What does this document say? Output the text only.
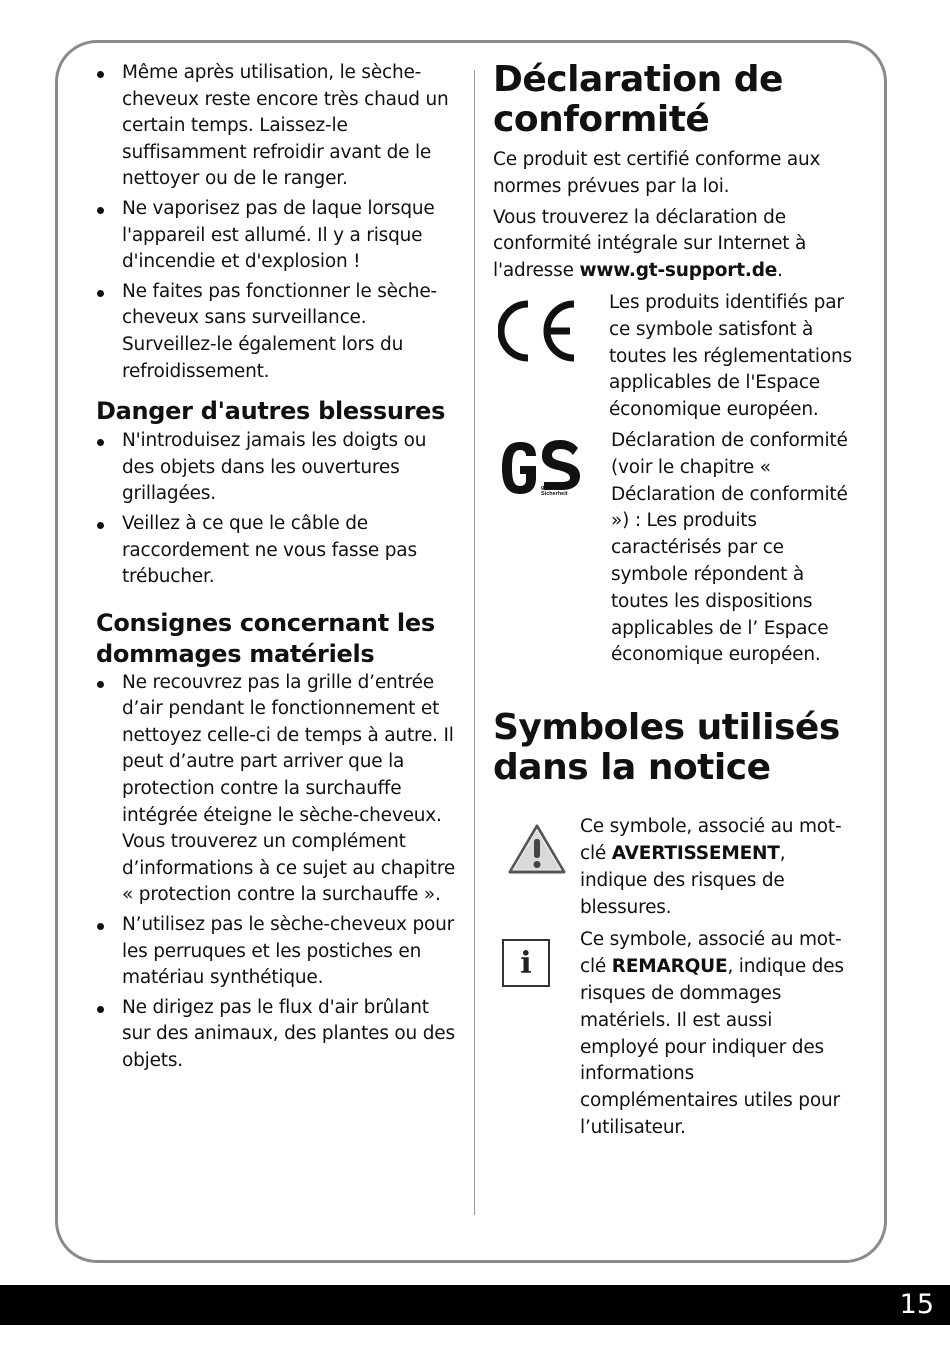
Même après utilisation, le sèche-cheveux reste encore très chaud un certain temps. Laissez-le suffisamment refroidir avant de le nettoyer ou de le ranger.
Ne vaporisez pas de laque lorsque l'appareil est allumé. Il y a risque d'incendie et d'explosion !
Ne faites pas fonctionner le sèche-cheveux sans surveillance. Surveillez-le également lors du refroidissement.
Danger d'autres blessures
N'introduisez jamais les doigts ou des objets dans les ouvertures grillagées.
Veillez à ce que le câble de raccordement ne vous fasse pas trébucher.
Consignes concernant les dommages matériels
Ne recouvrez pas la grille d’entrée d’air pendant le fonctionnement et nettoyez celle-ci de temps à autre. Il peut d’autre part arriver que la protection contre la surchauffe intégrée éteigne le sèche-cheveux. Vous trouverez un complément d’informations à ce sujet au chapitre « protection contre la surchauffe ».
N’utilisez pas le sèche-cheveux pour les perruques et les postiches en matériau synthétique.
Ne dirigez pas le flux d'air brûlant sur des animaux, des plantes ou des objets.
Déclaration de conformité

Ce produit est certifié conforme aux normes prévues par la loi.

Vous trouverez la déclaration de conformité intégrale sur Internet à l'adresse www.gt-support.de.

Les produits identifiés par ce symbole satisfont à toutes les réglementations applicables de l'Espace économique européen.
geprüfte
Sicherheit
Déclaration de conformité (voir le chapitre « Déclaration de conformité ») : Les produits caractérisés par ce symbole répondent à toutes les dispositions applicables de l’ Espace économique européen.
Symboles utilisés dans la notice
Ce symbole, associé au mot-clé AVERTISSEMENT, indique des risques de blessures.
i
Ce symbole, associé au mot-clé REMARQUE, indique des risques de dommages matériels. Il est aussi employé pour indiquer des informations complémentaires utiles pour l’utilisateur.
15
